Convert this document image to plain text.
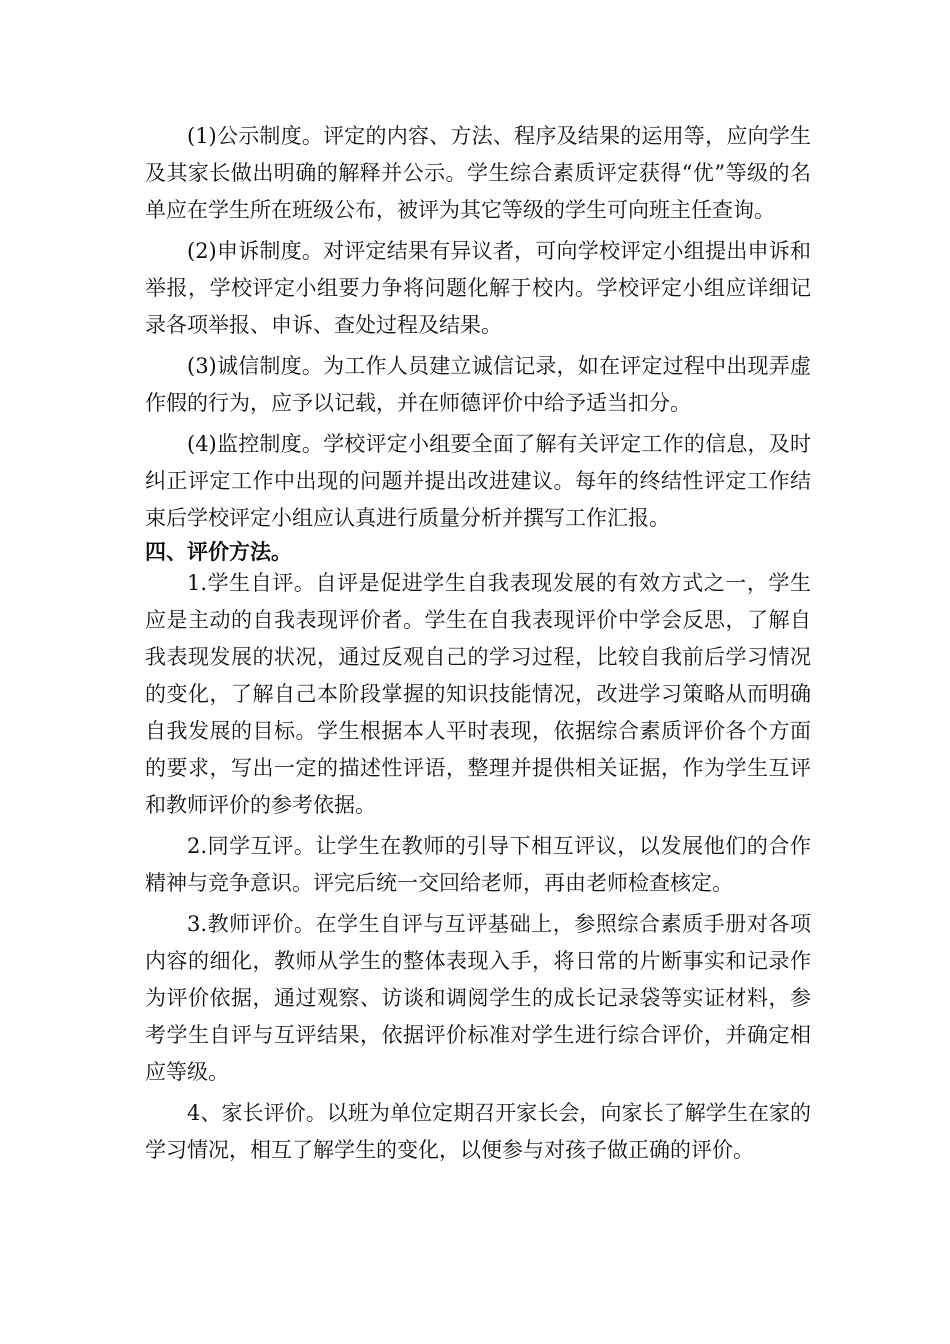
(1)公示制度。评定的内容、方法、程序及结果的运用等，应向学生及其家长做出明确的解释并公示。学生综合素质评定获得“优”等级的名单应在学生所在班级公布，被评为其它等级的学生可向班主任查询。

(2)申诉制度。对评定结果有异议者，可向学校评定小组提出申诉和举报，学校评定小组要力争将问题化解于校内。学校评定小组应详细记录各项举报、申诉、查处过程及结果。

(3)诚信制度。为工作人员建立诚信记录，如在评定过程中出现弄虚作假的行为，应予以记载，并在师德评价中给予适当扣分。

(4)监控制度。学校评定小组要全面了解有关评定工作的信息，及时纠正评定工作中出现的问题并提出改进建议。每年的终结性评定工作结束后学校评定小组应认真进行质量分析并撰写工作汇报。

四、评价方法。

1.学生自评。自评是促进学生自我表现发展的有效方式之一，学生应是主动的自我表现评价者。学生在自我表现评价中学会反思，了解自我表现发展的状况，通过反观自己的学习过程，比较自我前后学习情况的变化，了解自己本阶段掌握的知识技能情况，改进学习策略从而明确自我发展的目标。学生根据本人平时表现，依据综合素质评价各个方面的要求，写出一定的描述性评语，整理并提供相关证据，作为学生互评和教师评价的参考依据。

2.同学互评。让学生在教师的引导下相互评议，以发展他们的合作精神与竞争意识。评完后统一交回给老师，再由老师检查核定。

3.教师评价。在学生自评与互评基础上，参照综合素质手册对各项内容的细化，教师从学生的整体表现入手，将日常的片断事实和记录作为评价依据，通过观察、访谈和调阅学生的成长记录袋等实证材料，参考学生自评与互评结果，依据评价标准对学生进行综合评价，并确定相应等级。

4、家长评价。以班为单位定期召开家长会，向家长了解学生在家的学习情况，相互了解学生的变化，以便参与对孩子做正确的评价。
